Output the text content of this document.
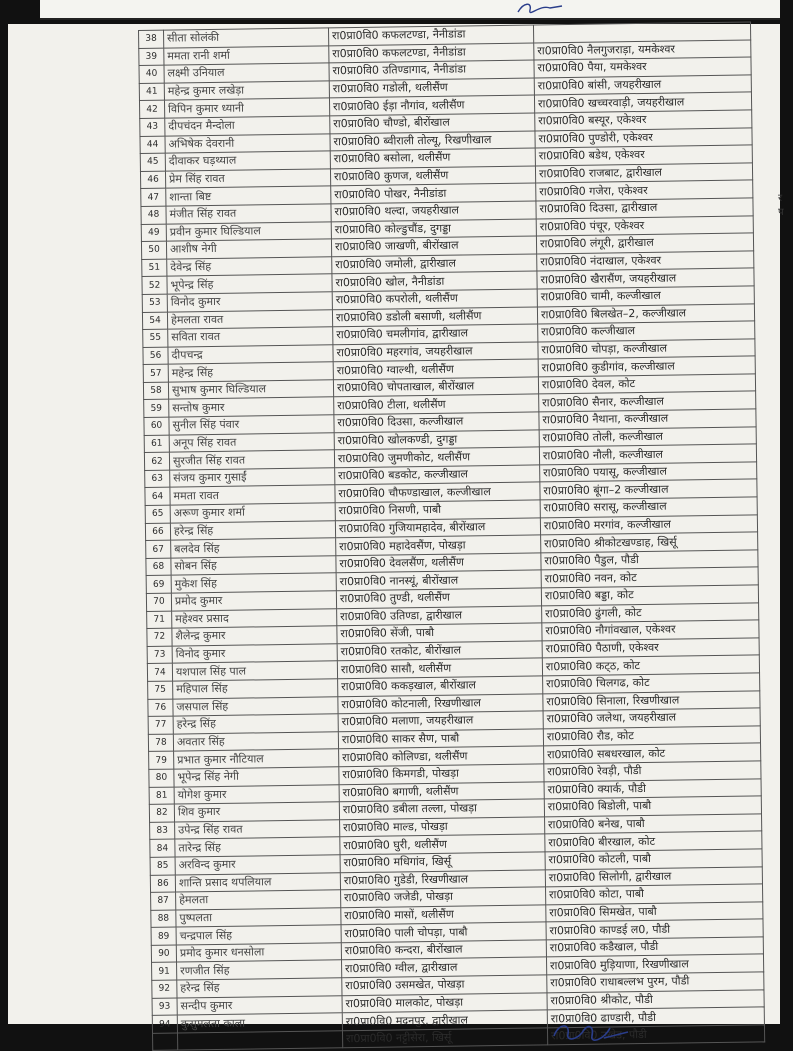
38	सीता सोलंकी	रा0प्रा0वि0 कफलटण्डा, नैनीडांडा	
39	ममता रानी शर्मा	रा0प्रा0वि0 कफलटण्डा, नैनीडांडा	रा0प्रा0वि0 नैलगुजराड़ा, यमकेश्वर
40	लक्ष्मी उनियाल	रा0प्रा0वि0 उतिण्डागाद, नैनीडांडा	रा0प्रा0वि0 पैया, यमकेश्वर
41	महेन्द्र कुमार लखेड़ा	रा0प्रा0वि0 गडोली, थलीसैंण	रा0प्रा0वि0 बांसी, जयहरीखाल
42	विपिन कुमार ध्यानी	रा0प्रा0वि0 ईड़ा नौगांव, थलीसैंण	रा0प्रा0वि0 खच्चरवाड़ी, जयहरीखाल
43	दीपचंदन मैन्दोला	रा0प्रा0वि0 चौण्डो, बीरोंखाल	रा0प्रा0वि0 बस्यूर, एकेश्वर
44	अभिषेक देवरानी	रा0प्रा0वि0 ब्वीराली तोल्यू, रिखणीखाल	रा0प्रा0वि0 पुण्डोरी, एकेश्वर
45	दीवाकर घड़थ्याल	रा0प्रा0वि0 बसोला, थलीसैंण	रा0प्रा0वि0 बडेथ, एकेश्वर
46	प्रेम सिंह रावत	रा0प्रा0वि0 कुणज, थलीसैंण	रा0प्रा0वि0 राजबाट, द्वारीखाल
47	शान्ता बिष्ट	रा0प्रा0वि0 पोखर, नैनीडांडा	रा0प्रा0वि0 गजेरा, एकेश्वर
48	मंजीत सिंह रावत	रा0प्रा0वि0 थल्दा, जयहरीखाल	रा0प्रा0वि0 दिउसा, द्वारीखाल
49	प्रवीन कुमार घिल्डियाल	रा0प्रा0वि0 कोल्डुचौंड, दुगड्डा	रा0प्रा0वि0 पंचूर, एकेश्वर
50	आशीष नेगी	रा0प्रा0वि0 जाखणी, बीरोंखाल	रा0प्रा0वि0 लंगूरी, द्वारीखाल
51	देवेन्द्र सिंह	रा0प्रा0वि0 जमोली, द्वारीखाल	रा0प्रा0वि0 नंदाखाल, एकेश्वर
52	भूपेन्द्र सिंह	रा0प्रा0वि0 खोल, नैनीडांडा	रा0प्रा0वि0 खैरासैंण, जयहरीखाल
53	विनोद कुमार	रा0प्रा0वि0 कपरोली, थलीसैंण	रा0प्रा0वि0 चामी, कल्जीखाल
54	हेमलता रावत	रा0प्रा0वि0 डडोली बसाणी, थलीसैंण	रा0प्रा0वि0 बिलखेत–2, कल्जीखाल
55	सविता रावत	रा0प्रा0वि0 चमलीगांव, द्वारीखाल	रा0प्रा0वि0 कल्जीखाल
56	दीपचन्द्र	रा0प्रा0वि0 महरगांव, जयहरीखाल	रा0प्रा0वि0 चोपड़ा, कल्जीखाल
57	महेन्द्र सिंह	रा0प्रा0वि0 ग्वाल्थी, थलीसैंण	रा0प्रा0वि0 कुडीगांव, कल्जीखाल
58	सुभाष कुमार घिल्डियाल	रा0प्रा0वि0 चोपताखाल, बीरोंखाल	रा0प्रा0वि0 देवल, कोट
59	सन्तोष कुमार	रा0प्रा0वि0 टीला, थलीसैंण	रा0प्रा0वि0 सैनार, कल्जीखाल
60	सुनील सिंह पंवार	रा0प्रा0वि0 दिउसा, कल्जीखाल	रा0प्रा0वि0 नैथाना, कल्जीखाल
61	अनूप सिंह रावत	रा0प्रा0वि0 खोलकण्डी, दुगड्डा	रा0प्रा0वि0 तोली, कल्जीखाल
62	सुरजीत सिंह रावत	रा0प्रा0वि0 जुमणीकोट, थलीसैंण	रा0प्रा0वि0 नौली, कल्जीखाल
63	संजय कुमार गुसाईं	रा0प्रा0वि0 बडकोट, कल्जीखाल	रा0प्रा0वि0 पयासू, कल्जीखाल
64	ममता रावत	रा0प्रा0वि0 चौफण्डाखाल, कल्जीखाल	रा0प्रा0वि0 बूंगा–2 कल्जीखाल
65	अरूण कुमार शर्मा	रा0प्रा0वि0 निसणी, पाबौ	रा0प्रा0वि0 सरासू, कल्जीखाल
66	हरेन्द्र सिंह	रा0प्रा0वि0 गुजियामहादेव, बीरोंखाल	रा0प्रा0वि0 मरगांव, कल्जीखाल
67	बलदेव सिंह	रा0प्रा0वि0 महादेवसैंण, पोखड़ा	रा0प्रा0वि0 श्रीकोटखण्डाह, खिर्सू
68	सोबन सिंह	रा0प्रा0वि0 देवलसैंण, थलीसैंण	रा0प्रा0वि0 पैडुल, पौडी
69	मुकेश सिंह	रा0प्रा0वि0 नानस्यूं, बीरोंखाल	रा0प्रा0वि0 नवन, कोट
70	प्रमोद कुमार	रा0प्रा0वि0 तुण्डी, थलीसैंण	रा0प्रा0वि0 बड्डा, कोट
71	महेश्वर प्रसाद	रा0प्रा0वि0 उतिण्डा, द्वारीखाल	रा0प्रा0वि0 ढुंगली, कोट
72	शैलेन्द्र कुमार	रा0प्रा0वि0 सेंजी, पाबौ	रा0प्रा0वि0 नौगांवखाल, एकेश्वर
73	विनोद कुमार	रा0प्रा0वि0 रतकोट, बीरोंखाल	रा0प्रा0वि0 पैठाणी, एकेश्वर
74	यशपाल सिंह पाल	रा0प्रा0वि0 सासौ, थलीसैंण	रा0प्रा0वि0 कट्‌ठ, कोट
75	महिपाल सिंह	रा0प्रा0वि0 ककड़खाल, बीरोंखाल	रा0प्रा0वि0 चिलगढ, कोट
76	जसपाल सिंह	रा0प्रा0वि0 कोटनाली, रिखणीखाल	रा0प्रा0वि0 सिनाला, रिखणीखाल
77	हरेन्द्र सिंह	रा0प्रा0वि0 मलाणा, जयहरीखाल	रा0प्रा0वि0 जलेथा, जयहरीखाल
78	अवतार सिंह	रा0प्रा0वि0 साकर सैण, पाबौ	रा0प्रा0वि0 रौड, कोट
79	प्रभात कुमार नौटियाल	रा0प्रा0वि0 कोलिण्डा, थलीसैंण	रा0प्रा0वि0 सबधरखाल, कोट
80	भूपेन्द्र सिंह नेगी	रा0प्रा0वि0 किमगडी, पोखड़ा	रा0प्रा0वि0 रेवड़ी, पौडी
81	योगेश कुमार	रा0प्रा0वि0 बगाणी, थलीसैंण	रा0प्रा0वि0 क्यार्क, पौडी
82	शिव कुमार	रा0प्रा0वि0 डबीला तल्ला, पोखड़ा	रा0प्रा0वि0 बिडोली, पाबौ
83	उपेन्द्र सिंह रावत	रा0प्रा0वि0 माल्ड, पोखड़ा	रा0प्रा0वि0 बनेख, पाबौ
84	तारेन्द्र सिंह	रा0प्रा0वि0 घुरी, थलीसैंण	रा0प्रा0वि0 बीरखाल, कोट
85	अरविन्द कुमार	रा0प्रा0वि0 मधिगांव, खिर्सू	रा0प्रा0वि0 कोटली, पाबौ
86	शान्ति प्रसाद थपलियाल	रा0प्रा0वि0 गुडेडी, रिखणीखाल	रा0प्रा0वि0 सिलोगी, द्वारीखाल
87	हेमलता	रा0प्रा0वि0 जजेडी, पोखड़ा	रा0प्रा0वि0 कोटा, पाबौ
88	पुष्पलता	रा0प्रा0वि0 मासों, थलीसैंण	रा0प्रा0वि0 सिमखेत, पाबौ
89	चन्द्रपाल सिंह	रा0प्रा0वि0 पाली चोपड़ा, पाबौ	रा0प्रा0वि0 काण्डई ल0, पौडी
90	प्रमोद कुमार धनसोला	रा0प्रा0वि0 कन्दरा, बीरोंखाल	रा0प्रा0वि0 कडैखाल, पौडी
91	रणजीत सिंह	रा0प्रा0वि0 ग्वील, द्वारीखाल	रा0प्रा0वि0 मुड़ियाणा, रिखणीखाल
92	हरेन्द्र सिंह	रा0प्रा0वि0 उसमखेत, पोखड़ा	रा0प्रा0वि0 राधाबल्लभ पुरम, पौडी
93	सन्दीप कुमार	रा0प्रा0वि0 मालकोट, पोखड़ा	रा0प्रा0वि0 श्रीकोट, पौडी
94	कुसुमलता काला	रा0प्रा0वि0 मदनपुर, द्वारीखाल	रा0प्रा0वि0 ढाण्डारी, पौडी
		रा0प्रा0वि0 नट्टीसेरा, खिर्सू	रा0प्रा0वि0 उखेड, पौडी
र
प
